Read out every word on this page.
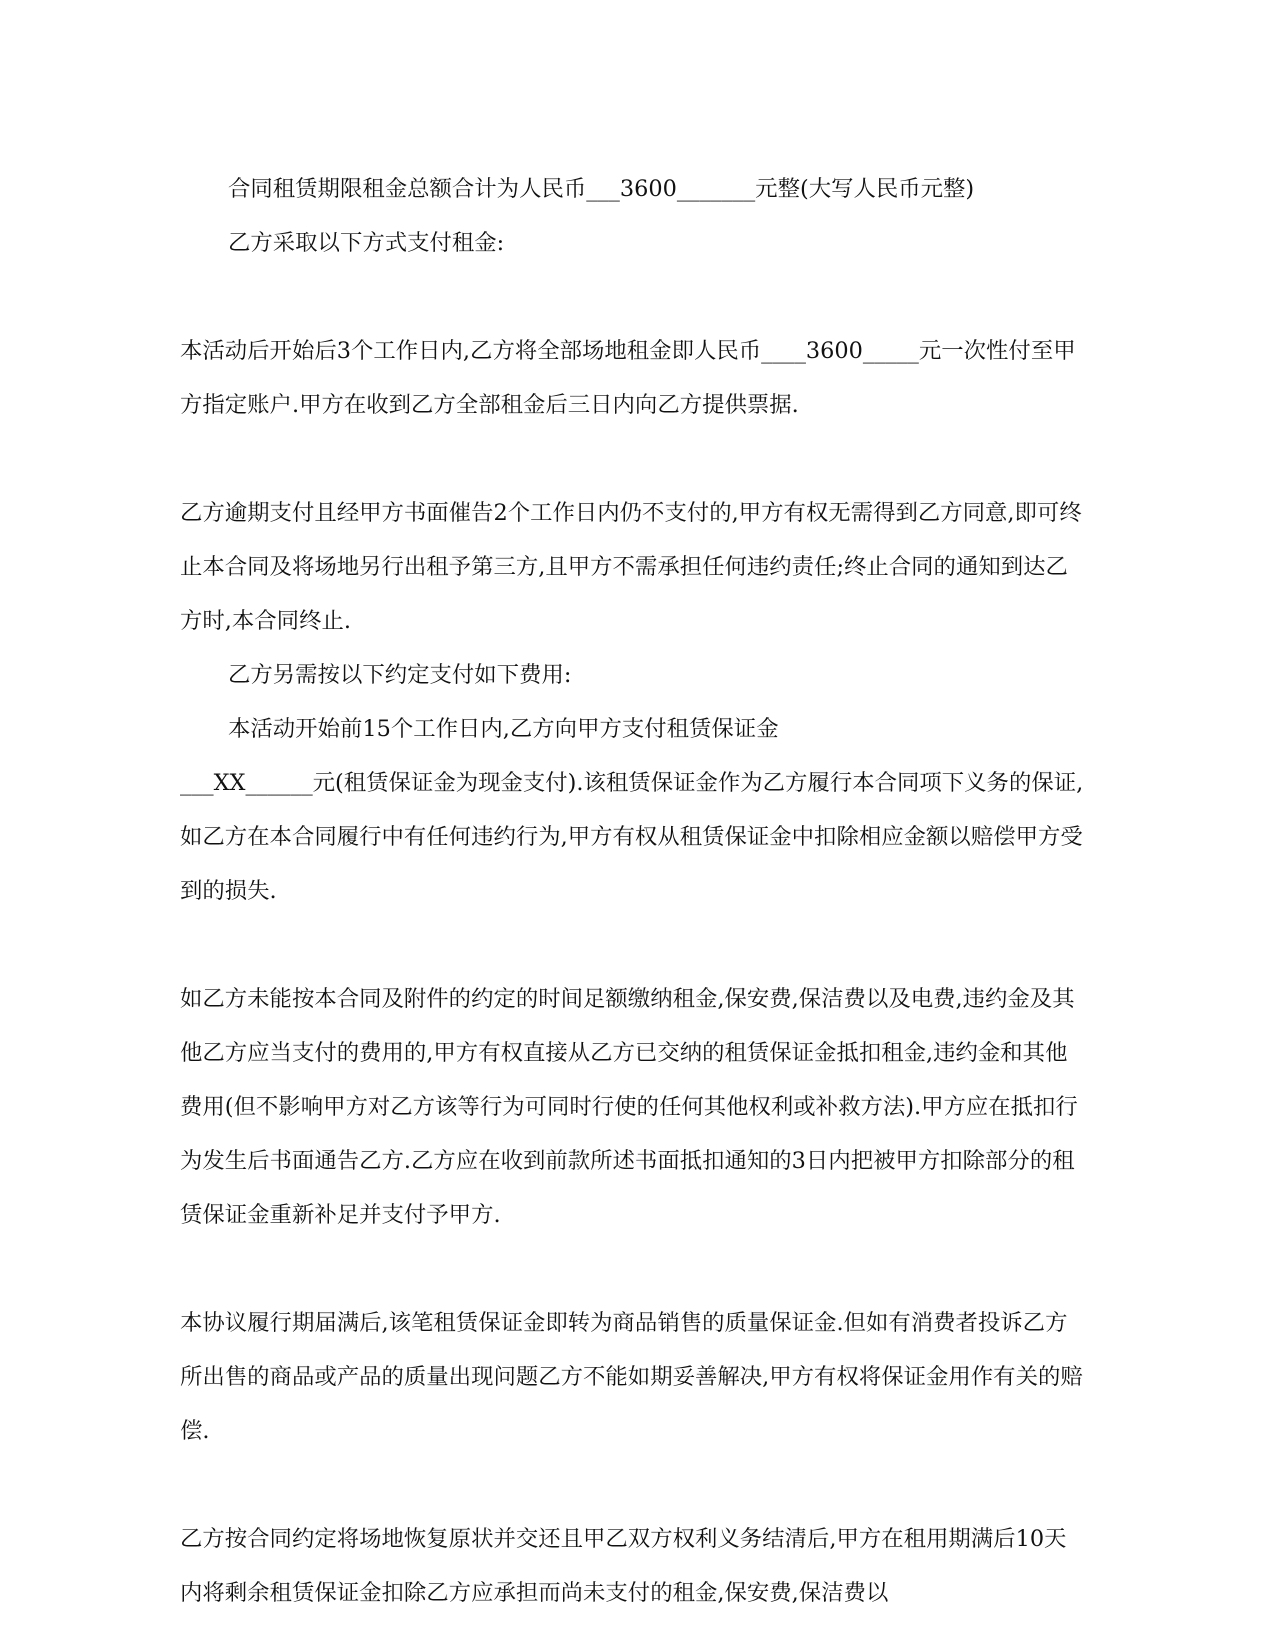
合同租赁期限租金总额合计为人民币___3600_______元整(大写人民币元整)

乙方采取以下方式支付租金:

本活动后开始后3个工作日内,乙方将全部场地租金即人民币____3600_____元一次性付至甲方指定账户.甲方在收到乙方全部租金后三日内向乙方提供票据.

乙方逾期支付且经甲方书面催告2个工作日内仍不支付的,甲方有权无需得到乙方同意,即可终止本合同及将场地另行出租予第三方,且甲方不需承担任何违约责任;终止合同的通知到达乙方时,本合同终止.

乙方另需按以下约定支付如下费用:

本活动开始前15个工作日内,乙方向甲方支付租赁保证金

___XX______元(租赁保证金为现金支付).该租赁保证金作为乙方履行本合同项下义务的保证,如乙方在本合同履行中有任何违约行为,甲方有权从租赁保证金中扣除相应金额以赔偿甲方受到的损失.

如乙方未能按本合同及附件的约定的时间足额缴纳租金,保安费,保洁费以及电费,违约金及其他乙方应当支付的费用的,甲方有权直接从乙方已交纳的租赁保证金抵扣租金,违约金和其他费用(但不影响甲方对乙方该等行为可同时行使的任何其他权利或补救方法).甲方应在抵扣行为发生后书面通告乙方.乙方应在收到前款所述书面抵扣通知的3日内把被甲方扣除部分的租赁保证金重新补足并支付予甲方.

本协议履行期届满后,该笔租赁保证金即转为商品销售的质量保证金.但如有消费者投诉乙方所出售的商品或产品的质量出现问题乙方不能如期妥善解决,甲方有权将保证金用作有关的赔偿.

乙方按合同约定将场地恢复原状并交还且甲乙双方权利义务结清后,甲方在租用期满后10天内将剩余租赁保证金扣除乙方应承担而尚未支付的租金,保安费,保洁费以
